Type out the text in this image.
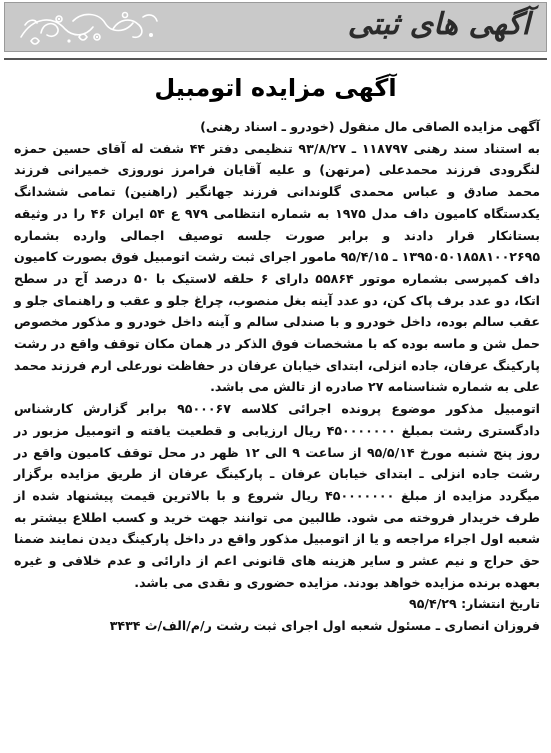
آگهی های ثبتی
آگهی مزایده اتومبیل

آگهی مزایده الصاقی مال منقول (خودرو ـ اسناد رهنی)

به استناد سند رهنی ۱۱۸۷۹۷ ـ ۹۳/۸/۲۷ تنظیمی دفتر ۴۴ شفت له آقای حسین حمزه لنگرودی فرزند محمدعلی (مرتهن) و علیه آقایان فرامرز نوروزی خمیرانی فرزند محمد صادق و عباس محمدی گلوندانی فرزند جهانگیر (راهنین) تمامی ششدانگ یکدستگاه کامیون داف مدل ۱۹۷۵ به شماره انتظامی ۹۷۹ ع ۵۴ ایران ۴۶ را در وثیقه بستانکار قرار دادند و برابر صورت جلسه توصیف اجمالی وارده بشماره ۱۳۹۵۰۵۰۱۸۵۸۱۰۰۲۶۹۵ ـ ۹۵/۴/۱۵ مامور اجرای ثبت رشت اتومبیل فوق بصورت کامیون داف کمپرسی بشماره موتور ۵۵۸۶۴ دارای ۶ حلقه لاستیک با ۵۰ درصد آج در سطح اتکا، دو عدد برف پاک کن، دو عدد آینه بغل منصوب، چراغ جلو و عقب و راهنمای جلو و عقب سالم بوده، داخل خودرو و با صندلی سالم و آینه داخل خودرو و مذکور مخصوص حمل شن و ماسه بوده که با مشخصات فوق الذکر در همان مکان توقف واقع در رشت پارکینگ عرفان، جاده انزلی، ابتدای خیابان عرفان در حفاظت نورعلی ارم فرزند محمد علی به شماره شناسنامه ۲۷ صادره از تالش می باشد.

اتومبیل مذکور موضوع پرونده اجرائی کلاسه ۹۵۰۰۰۶۷ برابر گزارش کارشناس دادگستری رشت بمبلغ ۴۵۰۰۰۰۰۰۰ ریال ارزیابی و قطعیت یافته و اتومبیل مزبور در روز پنج شنبه مورخ ۹۵/۵/۱۴ از ساعت ۹ الی ۱۲ ظهر در محل توقف کامیون واقع در رشت جاده انزلی ـ ابتدای خیابان عرفان ـ پارکینگ عرفان از طریق مزایده برگزار میگردد مزایده از مبلغ ۴۵۰۰۰۰۰۰۰ ریال شروع و با بالاترین قیمت پیشنهاد شده از طرف خریدار فروخته می شود. طالبین می توانند جهت خرید و کسب اطلاع بیشتر به شعبه اول اجراء مراجعه و یا از اتومبیل مذکور واقع در داخل پارکینگ دیدن نمایند ضمنا حق حراج و نیم عشر و سایر هزینه های قانونی اعم از دارائی و عدم خلافی و غیره بعهده برنده مزایده خواهد بودند. مزایده حضوری و نقدی می باشد.

تاریخ انتشار: ۹۵/۴/۲۹

فروزان انصاری ـ مسئول شعبه اول اجرای ثبت رشت ر/م/الف/ث ۳۴۳۴
